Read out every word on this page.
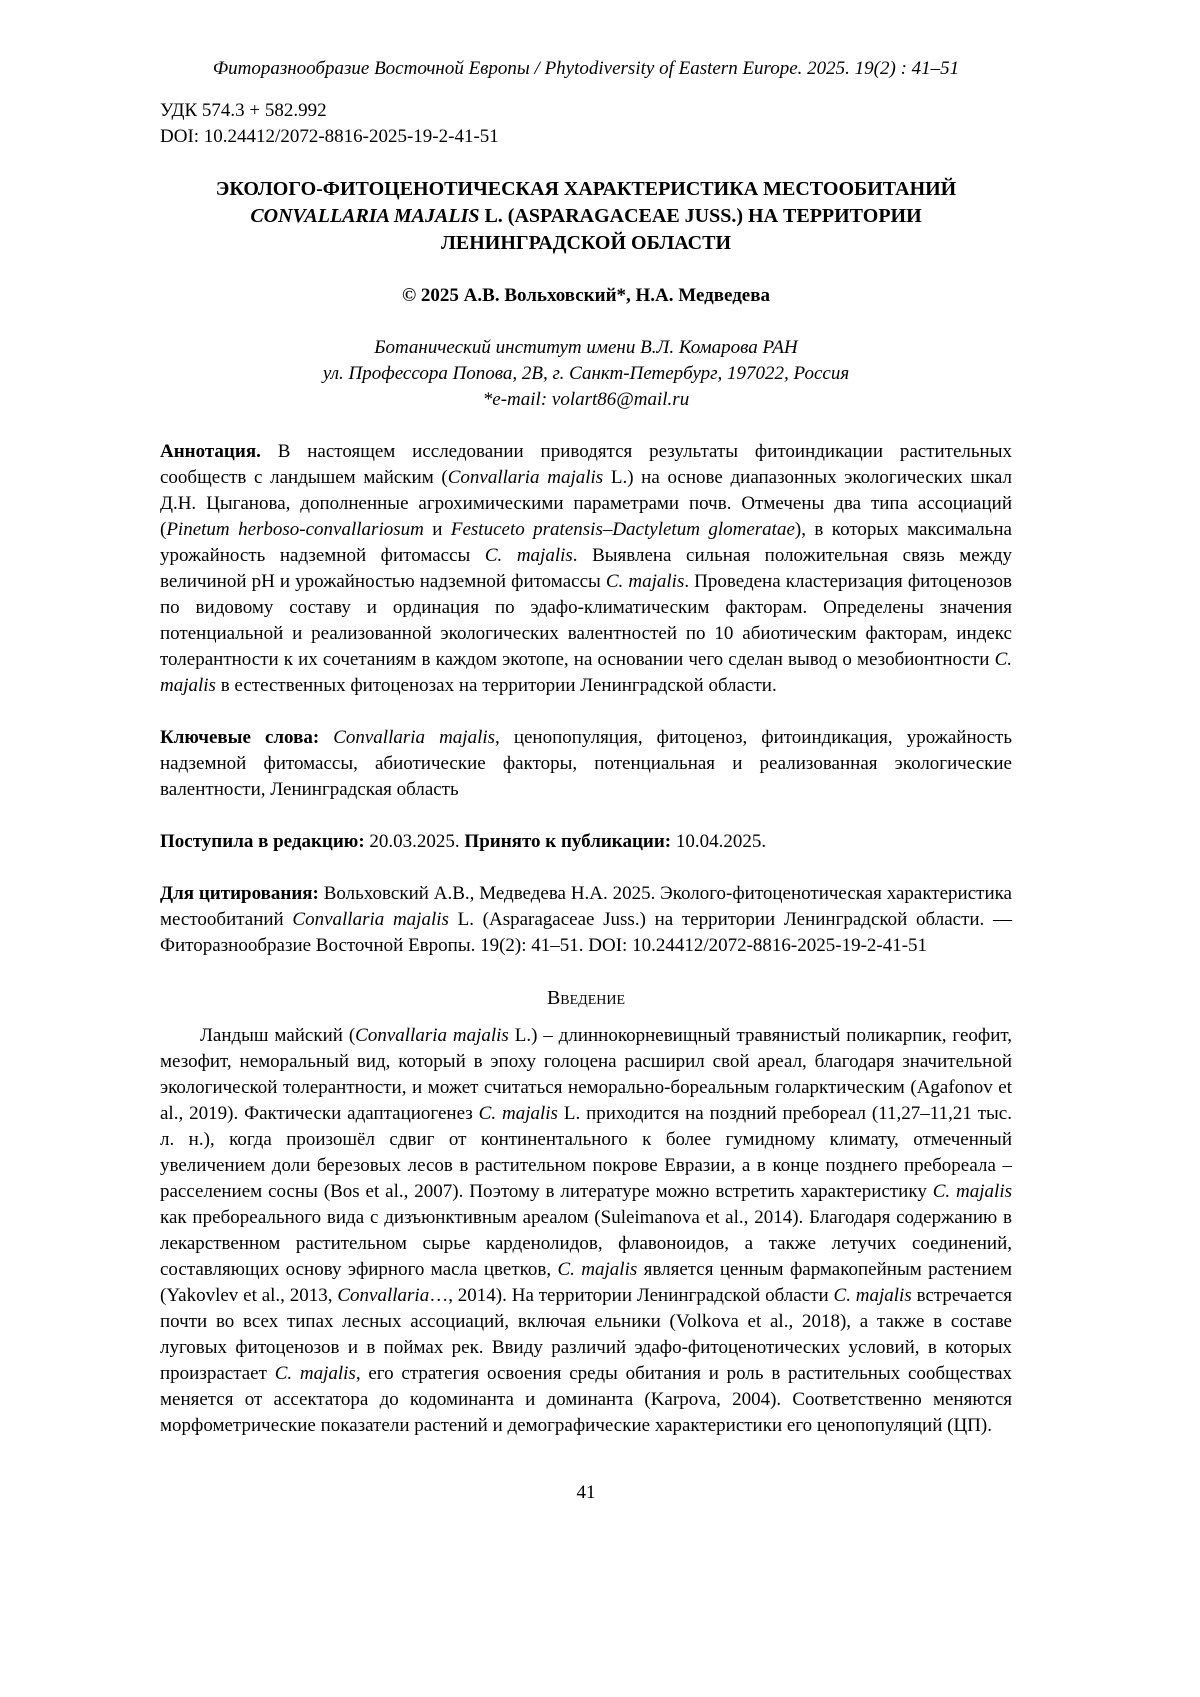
Фиторазнообразие Восточной Европы / Phytodiversity of Eastern Europe. 2025. 19(2) : 41–51

УДК 574.3 + 582.992

DOI: 10.24412/2072-8816-2025-19-2-41-51

ЭКОЛОГО-ФИТОЦЕНОТИЧЕСКАЯ ХАРАКТЕРИСТИКА МЕСТООБИТАНИЙ CONVALLARIA MAJALIS L. (ASPARAGACEAE JUSS.) НА ТЕРРИТОРИИ ЛЕНИНГРАДСКОЙ ОБЛАСТИ

© 2025 А.В. Вольховский*, Н.А. Медведева

Ботанический институт имени В.Л. Комарова РАН

ул. Профессора Попова, 2В, г. Санкт-Петербург, 197022, Россия

*e-mail: volart86@mail.ru

Аннотация. В настоящем исследовании приводятся результаты фитоиндикации растительных сообществ с ландышем майским (Convallaria majalis L.) на основе диапазонных экологических шкал Д.Н. Цыганова, дополненные агрохимическими параметрами почв. Отмечены два типа ассоциаций (Pinetum herboso-convallariosum и Festuceto pratensis–Dactyletum glomeratae), в которых максимальна урожайность надземной фитомассы C. majalis. Выявлена сильная положительная связь между величиной pH и урожайностью надземной фитомассы C. majalis. Проведена кластеризация фитоценозов по видовому составу и ординация по эдафо-климатическим факторам. Определены значения потенциальной и реализованной экологических валентностей по 10 абиотическим факторам, индекс толерантности к их сочетаниям в каждом экотопе, на основании чего сделан вывод о мезобионтности C. majalis в естественных фитоценозах на территории Ленинградской области.

Ключевые слова: Convallaria majalis, ценопопуляция, фитоценоз, фитоиндикация, урожайность надземной фитомассы, абиотические факторы, потенциальная и реализованная экологические валентности, Ленинградская область

Поступила в редакцию: 20.03.2025. Принято к публикации: 10.04.2025.

Для цитирования: Вольховский А.В., Медведева Н.А. 2025. Эколого-фитоценотическая характеристика местообитаний Convallaria majalis L. (Asparagaceae Juss.) на территории Ленинградской области. — Фиторазнообразие Восточной Европы. 19(2): 41–51. DOI: 10.24412/2072-8816-2025-19-2-41-51

Введение

Ландыш майский (Convallaria majalis L.) – длиннокорневищный травянистый поликарпик, геофит, мезофит, неморальный вид, который в эпоху голоцена расширил свой ареал, благодаря значительной экологической толерантности, и может считаться неморально-бореальным голарктическим (Agafonov et al., 2019). Фактически адаптациогенез C. majalis L. приходится на поздний пребореал (11,27–11,21 тыс. л. н.), когда произошёл сдвиг от континентального к более гумидному климату, отмеченный увеличением доли березовых лесов в растительном покрове Евразии, а в конце позднего пребореала – расселением сосны (Bos et al., 2007). Поэтому в литературе можно встретить характеристику C. majalis как пребореального вида с дизъюнктивным ареалом (Suleimanova et al., 2014). Благодаря содержанию в лекарственном растительном сырье карденолидов, флавоноидов, а также летучих соединений, составляющих основу эфирного масла цветков, C. majalis является ценным фармакопейным растением (Yakovlev et al., 2013, Convallaria…, 2014). На территории Ленинградской области C. majalis встречается почти во всех типах лесных ассоциаций, включая ельники (Volkova et al., 2018), а также в составе луговых фитоценозов и в поймах рек. Ввиду различий эдафо-фитоценотических условий, в которых произрастает C. majalis, его стратегия освоения среды обитания и роль в растительных сообществах меняется от ассектатора до кодоминанта и доминанта (Karpova, 2004). Соответственно меняются морфометрические показатели растений и демографические характеристики его ценопопуляций (ЦП).

41
